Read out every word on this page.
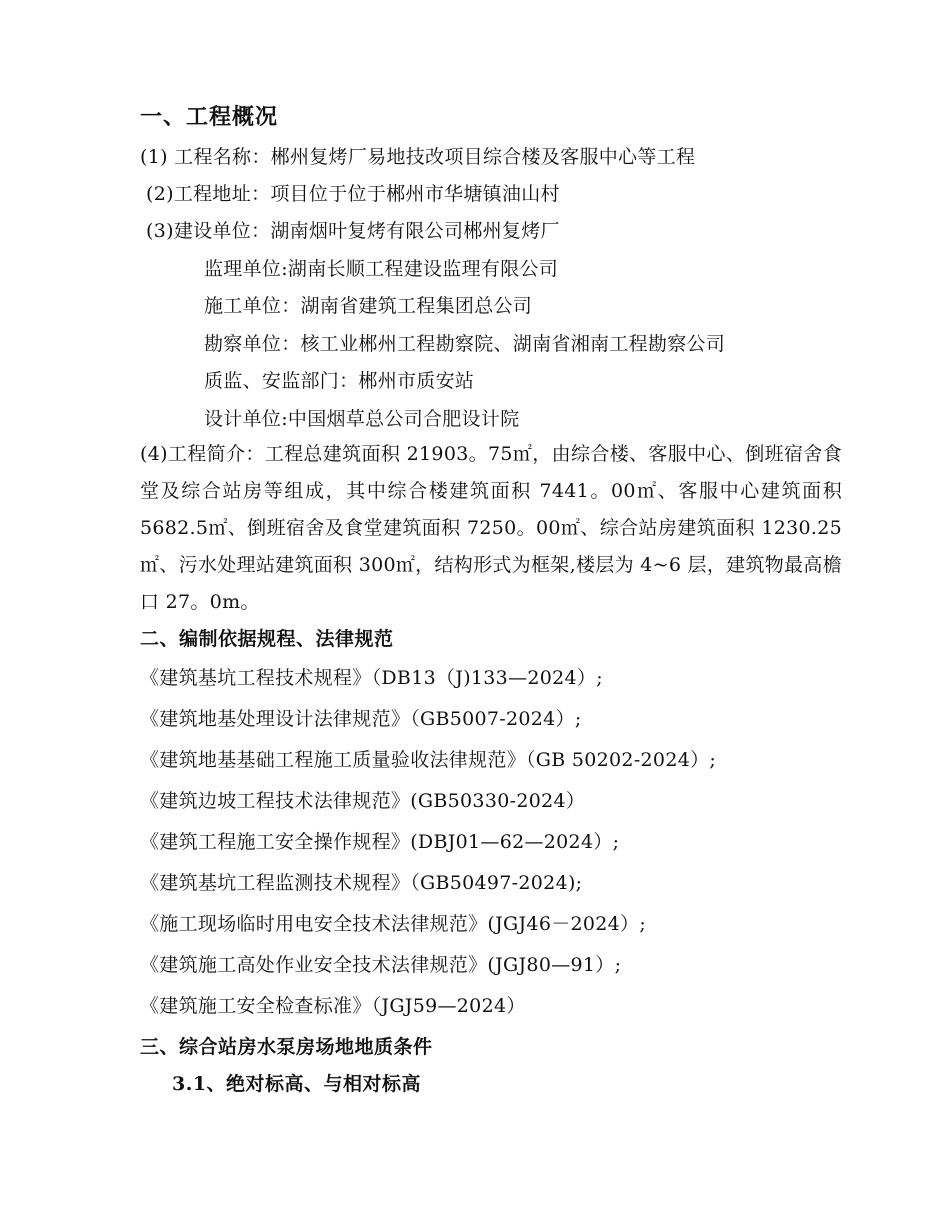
一、工程概况
(1) 工程名称：郴州复烤厂易地技改项目综合楼及客服中心等工程
(2)工程地址：项目位于位于郴州市华塘镇油山村
(3)建设单位：湖南烟叶复烤有限公司郴州复烤厂
监理单位:湖南长顺工程建设监理有限公司
施工单位：湖南省建筑工程集团总公司
勘察单位：核工业郴州工程勘察院、湖南省湘南工程勘察公司
质监、安监部门：郴州市质安站
设计单位:中国烟草总公司合肥设计院
(4)工程简介：工程总建筑面积 21903。75㎡，由综合楼、客服中心、倒班宿舍食堂及综合站房等组成，其中综合楼建筑面积 7441。00㎡、客服中心建筑面积 5682.5㎡、倒班宿舍及食堂建筑面积 7250。00㎡、综合站房建筑面积 1230.25㎡、污水处理站建筑面积 300㎡，结构形式为框架,楼层为 4~6 层，建筑物最高檐口 27。0m。
二、编制依据规程、法律规范
《建筑基坑工程技术规程》（DB13（J)133—2024）;
《建筑地基处理设计法律规范》（GB5007-2024）;
《建筑地基基础工程施工质量验收法律规范》（GB 50202-2024）;
《建筑边坡工程技术法律规范》(GB50330-2024）
《建筑工程施工安全操作规程》(DBJ01—62—2024）;
《建筑基坑工程监测技术规程》（GB50497-2024);
《施工现场临时用电安全技术法律规范》(JGJ46－2024）;
《建筑施工高处作业安全技术法律规范》(JGJ80—91）;
《建筑施工安全检查标准》（JGJ59—2024）
三、综合站房水泵房场地地质条件
3.1、绝对标高、与相对标高
